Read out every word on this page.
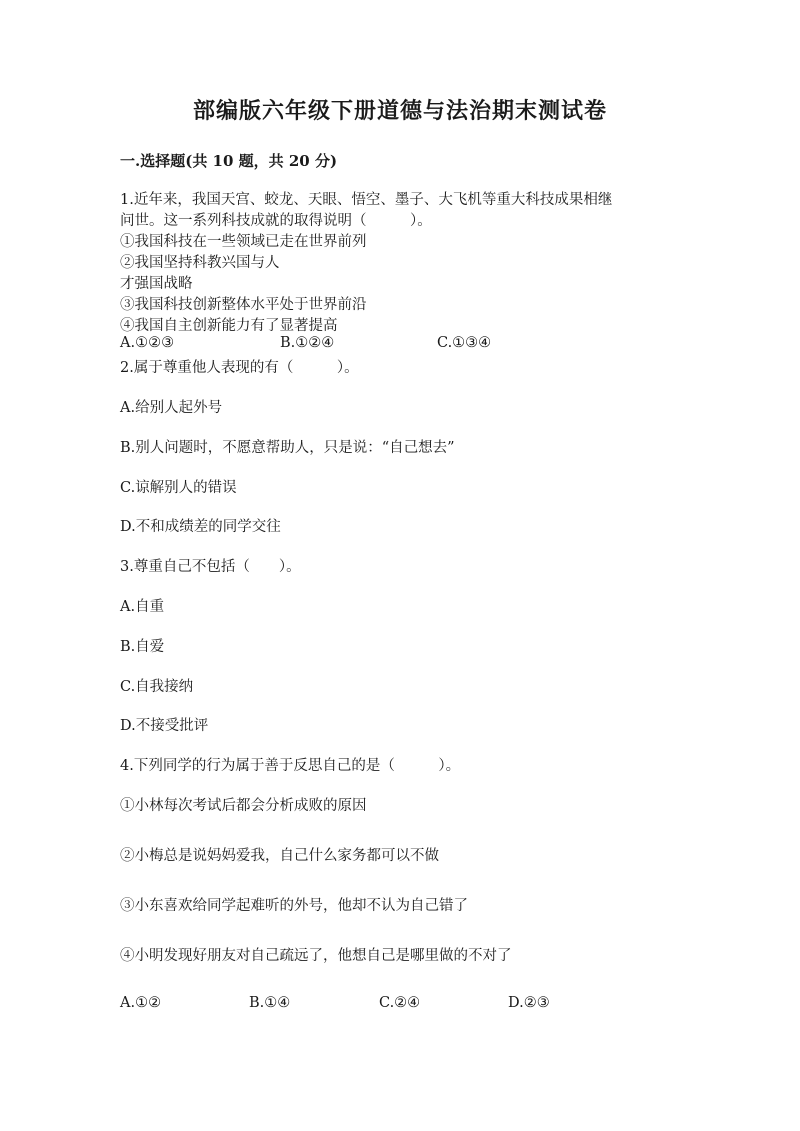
部编版六年级下册道德与法治期末测试卷
一.选择题(共 10 题，共 20 分)
1.近年来，我国天宫、蛟龙、天眼、悟空、墨子、大飞机等重大科技成果相继
问世。这一系列科技成就的取得说明（　　　）。
①我国科技在一些领域已走在世界前列
②我国坚持科教兴国与人
才强国战略
③我国科技创新整体水平处于世界前沿
④我国自主创新能力有了显著提高
A.①②③	B.①②④	C.①③④
2.属于尊重他人表现的有（　　　）。
A.给别人起外号
B.别人问题时，不愿意帮助人，只是说：“自己想去”
C.谅解别人的错误
D.不和成绩差的同学交往
3.尊重自己不包括（　　）。
A.自重
B.自爱
C.自我接纳
D.不接受批评
4.下列同学的行为属于善于反思自己的是（　　　）。
①小林每次考试后都会分析成败的原因
②小梅总是说妈妈爱我，自己什么家务都可以不做
③小东喜欢给同学起难听的外号，他却不认为自己错了
④小明发现好朋友对自己疏远了，他想自己是哪里做的不对了
A.①②	B.①④	C.②④	D.②③
